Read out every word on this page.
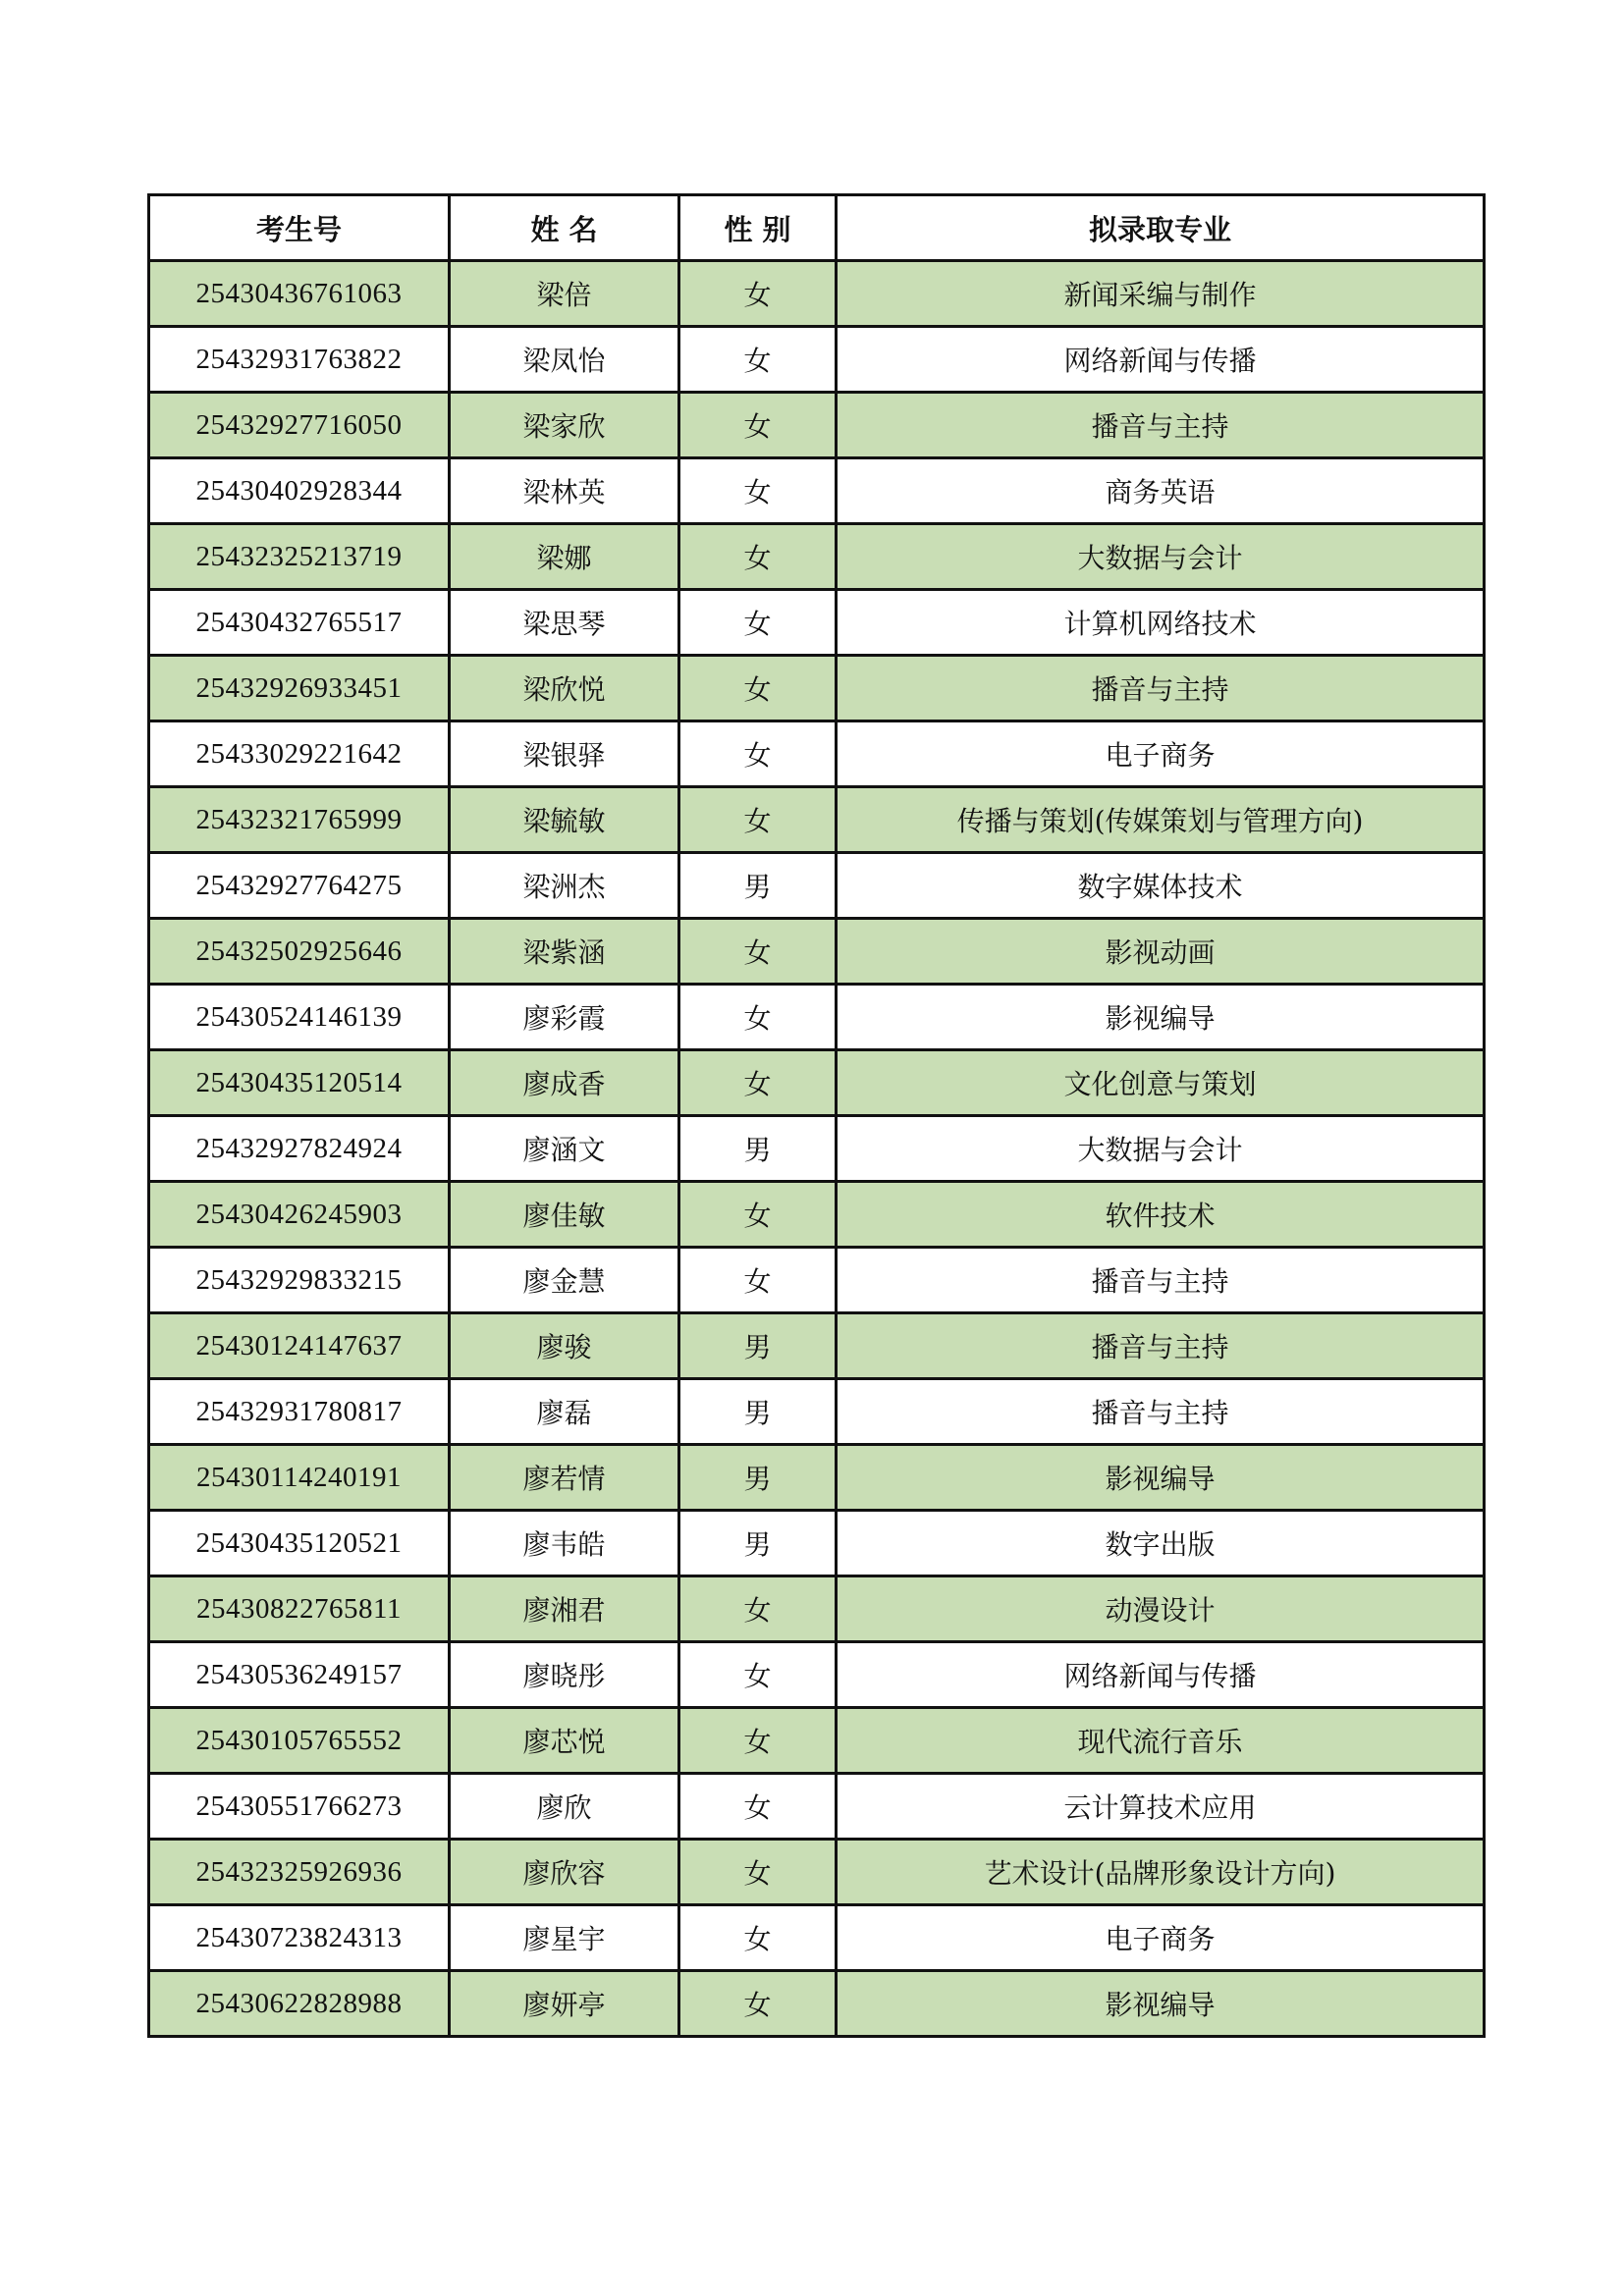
考生号	姓 名	性 别	拟录取专业
25430436761063	梁倍	女	新闻采编与制作
25432931763822	梁凤怡	女	网络新闻与传播
25432927716050	梁家欣	女	播音与主持
25430402928344	梁林英	女	商务英语
25432325213719	梁娜	女	大数据与会计
25430432765517	梁思琴	女	计算机网络技术
25432926933451	梁欣悦	女	播音与主持
25433029221642	梁银驿	女	电子商务
25432321765999	梁毓敏	女	传播与策划(传媒策划与管理方向)
25432927764275	梁洲杰	男	数字媒体技术
25432502925646	梁紫涵	女	影视动画
25430524146139	廖彩霞	女	影视编导
25430435120514	廖成香	女	文化创意与策划
25432927824924	廖涵文	男	大数据与会计
25430426245903	廖佳敏	女	软件技术
25432929833215	廖金慧	女	播音与主持
25430124147637	廖骏	男	播音与主持
25432931780817	廖磊	男	播音与主持
25430114240191	廖若情	男	影视编导
25430435120521	廖韦皓	男	数字出版
25430822765811	廖湘君	女	动漫设计
25430536249157	廖晓彤	女	网络新闻与传播
25430105765552	廖芯悦	女	现代流行音乐
25430551766273	廖欣	女	云计算技术应用
25432325926936	廖欣容	女	艺术设计(品牌形象设计方向)
25430723824313	廖星宇	女	电子商务
25430622828988	廖妍亭	女	影视编导
